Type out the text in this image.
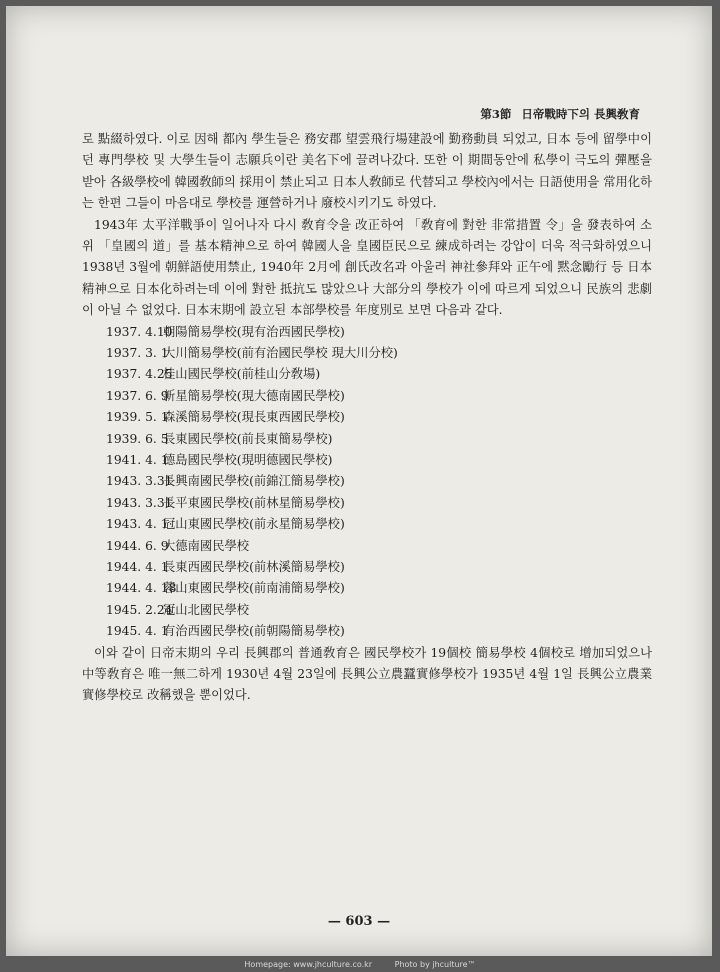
第3節 日帝戰時下의 長興敎育

로 點綴하였다. 이로 因해 都內 學生들은 務安郡 望雲飛行場建設에 勤務動員 되었고, 日本 등에 留學中이던 專門學校 및 大學生들이 志願兵이란 美名下에 끌려나갔다. 또한 이 期間동안에 私學이 극도의 彈壓을 받아 各級學校에 韓國敎師의 採用이 禁止되고 日本人敎師로 代替되고 學校內에서는 日語使用을 常用化하는 한편 그들이 마음대로 學校를 運營하거나 廢校시키기도 하였다.

1943年 太平洋戰爭이 일어나자 다시 敎育令을 改正하여 「敎育에 對한 非常措置 令」을 發表하여 소위 「皇國의 道」를 基本精神으로 하여 韓國人을 皇國臣民으로 練成하려는 강압이 더욱 적극화하였으니 1938년 3월에 朝鮮語使用禁止, 1940年 2月에 創氏改名과 아울러 神社參拜와 正午에 黙念勵行 등 日本精神으로 日本化하려는데 이에 對한 抵抗도 많았으나 大部分의 學校가 이에 따르게 되었으니 民族의 悲劇이 아닐 수 없었다. 日本末期에 設立된 本部學校를 年度別로 보면 다음과 같다.

1937. 4.10朝陽簡易學校(現有治西國民學校)
1937. 3. 1大川簡易學校(前有治國民學校 現大川分校)
1937. 4.25桂山國民學校(前桂山分敎場)
1937. 6. 9新星簡易學校(現大德南國民學校)
1939. 5. 1森溪簡易學校(現長東西國民學校)
1939. 6. 5長東國民學校(前長東簡易學校)
1941. 4. 1德島國民學校(現明德國民學校)
1943. 3.31長興南國民學校(前錦江簡易學校)
1943. 3.31長平東國民學校(前林星簡易學校)
1943. 4. 1冠山東國民學校(前永星簡易學校)
1944. 6. 9大德南國民學校
1944. 4. 1長東西國民學校(前林溪簡易學校)
1944. 4. 18蓉山東國民學校(前南浦簡易學校)
1945. 2.24冠山北國民學校
1945. 4. 1有治西國民學校(前朝陽簡易學校)

이와 같이 日帝末期의 우리 長興郡의 普通敎育은 國民學校가 19個校 簡易學校 4個校로 增加되었으나 中等敎育은 唯一無二하게 1930년 4월 23일에 長興公立農蠶實修學校가 1935년 4월 1일 長興公立農業實修學校로 改稱했을 뿐이었다.

— 603 —
Homepage: www.jhculture.co.kr	Photo by jhculture™
